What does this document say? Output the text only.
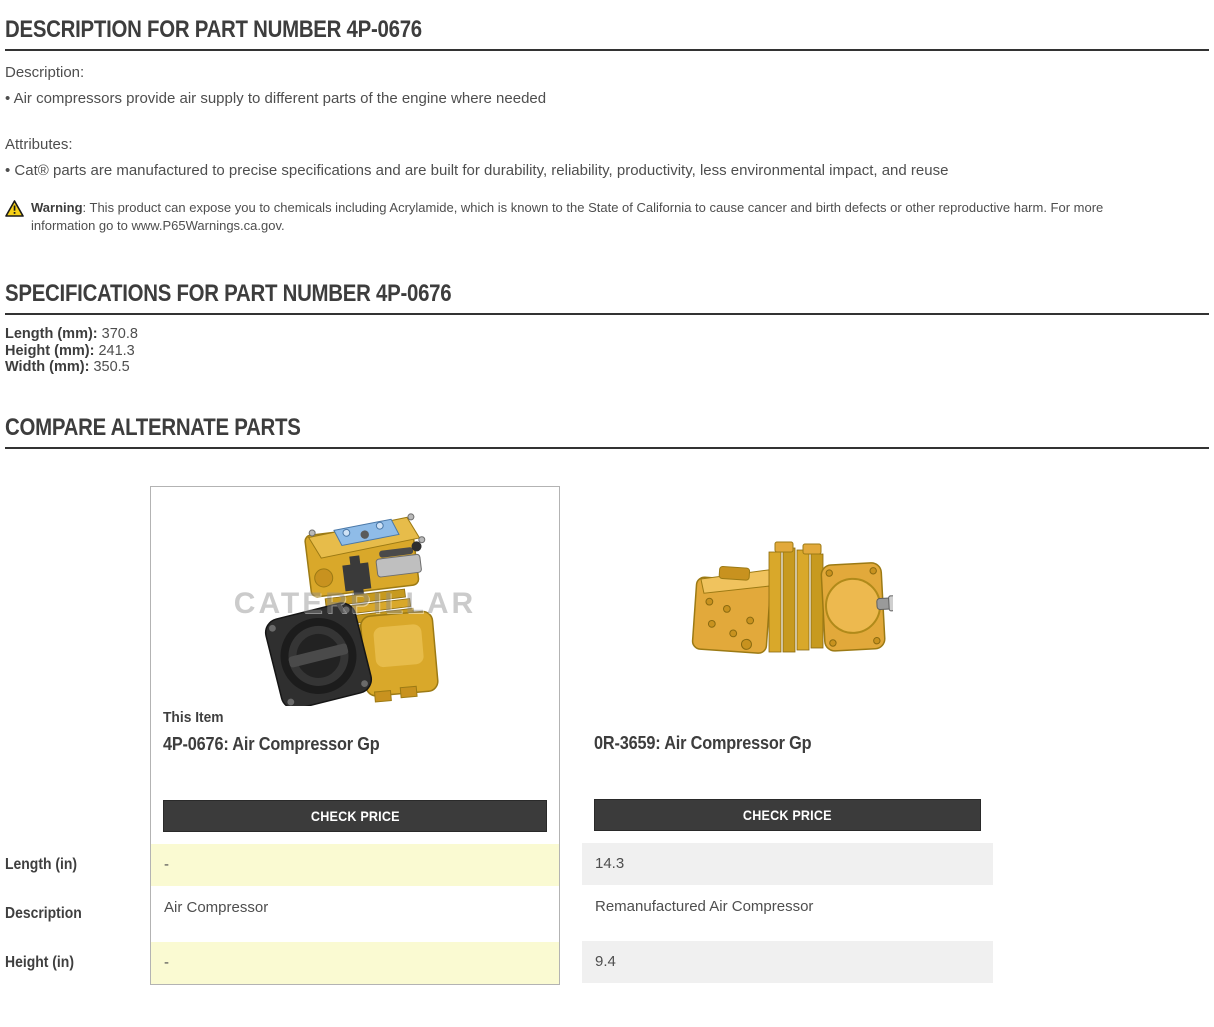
DESCRIPTION FOR PART NUMBER 4P-0676
Description:
• Air compressors provide air supply to different parts of the engine where needed
Attributes:
• Cat® parts are manufactured to precise specifications and are built for durability, reliability, productivity, less environmental impact, and reuse
Warning: This product can expose you to chemicals including Acrylamide, which is known to the State of California to cause cancer and birth defects or other reproductive harm. For more information go to www.P65Warnings.ca.gov.
SPECIFICATIONS FOR PART NUMBER 4P-0676
Length (mm): 370.8
Height (mm): 241.3
Width (mm): 350.5
COMPARE ALTERNATE PARTS
Length (in)
Description
Height (in)
CATERPILLAR
This Item
4P-0676: Air Compressor Gp
CHECK PRICE
-
Air Compressor
-
0R-3659: Air Compressor Gp
CHECK PRICE
14.3
Remanufactured Air Compressor
9.4
